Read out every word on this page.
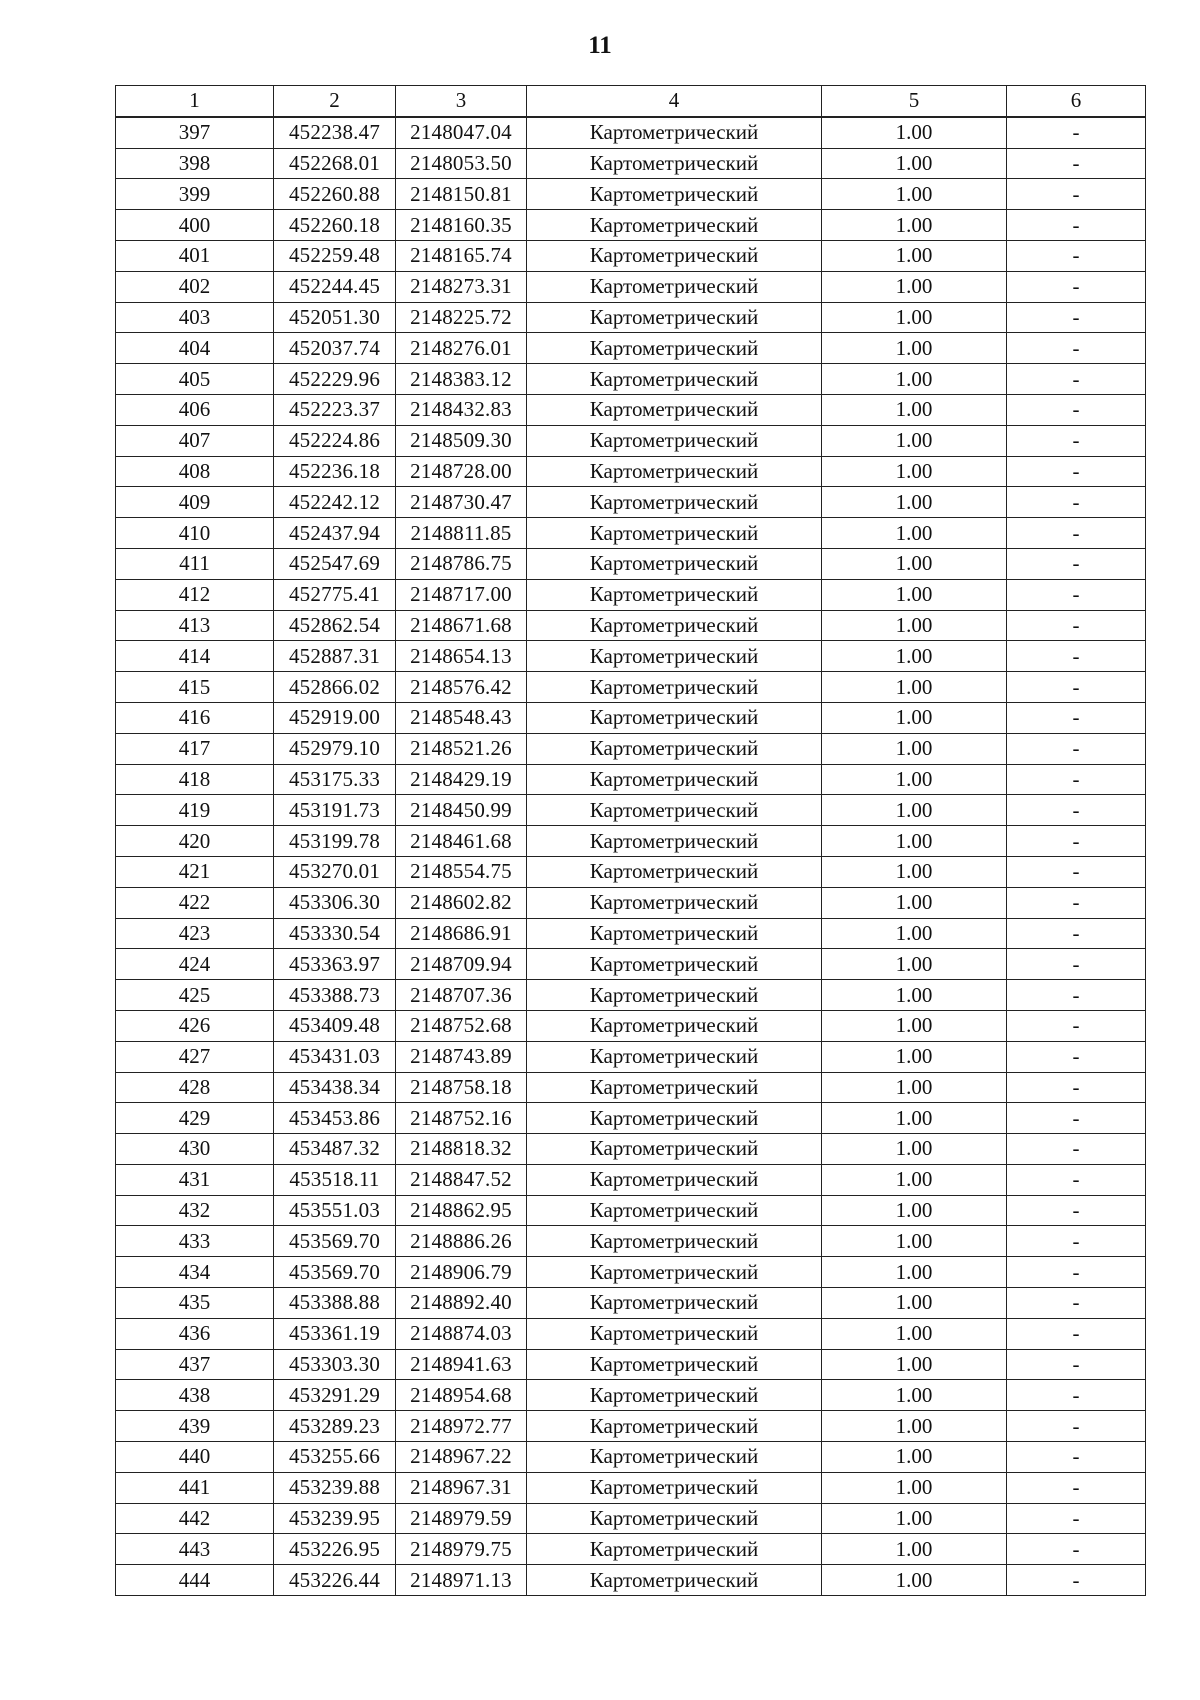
11
1	2	3	4	5	6
397	452238.47	2148047.04	Картометрический	1.00	-
398	452268.01	2148053.50	Картометрический	1.00	-
399	452260.88	2148150.81	Картометрический	1.00	-
400	452260.18	2148160.35	Картометрический	1.00	-
401	452259.48	2148165.74	Картометрический	1.00	-
402	452244.45	2148273.31	Картометрический	1.00	-
403	452051.30	2148225.72	Картометрический	1.00	-
404	452037.74	2148276.01	Картометрический	1.00	-
405	452229.96	2148383.12	Картометрический	1.00	-
406	452223.37	2148432.83	Картометрический	1.00	-
407	452224.86	2148509.30	Картометрический	1.00	-
408	452236.18	2148728.00	Картометрический	1.00	-
409	452242.12	2148730.47	Картометрический	1.00	-
410	452437.94	2148811.85	Картометрический	1.00	-
411	452547.69	2148786.75	Картометрический	1.00	-
412	452775.41	2148717.00	Картометрический	1.00	-
413	452862.54	2148671.68	Картометрический	1.00	-
414	452887.31	2148654.13	Картометрический	1.00	-
415	452866.02	2148576.42	Картометрический	1.00	-
416	452919.00	2148548.43	Картометрический	1.00	-
417	452979.10	2148521.26	Картометрический	1.00	-
418	453175.33	2148429.19	Картометрический	1.00	-
419	453191.73	2148450.99	Картометрический	1.00	-
420	453199.78	2148461.68	Картометрический	1.00	-
421	453270.01	2148554.75	Картометрический	1.00	-
422	453306.30	2148602.82	Картометрический	1.00	-
423	453330.54	2148686.91	Картометрический	1.00	-
424	453363.97	2148709.94	Картометрический	1.00	-
425	453388.73	2148707.36	Картометрический	1.00	-
426	453409.48	2148752.68	Картометрический	1.00	-
427	453431.03	2148743.89	Картометрический	1.00	-
428	453438.34	2148758.18	Картометрический	1.00	-
429	453453.86	2148752.16	Картометрический	1.00	-
430	453487.32	2148818.32	Картометрический	1.00	-
431	453518.11	2148847.52	Картометрический	1.00	-
432	453551.03	2148862.95	Картометрический	1.00	-
433	453569.70	2148886.26	Картометрический	1.00	-
434	453569.70	2148906.79	Картометрический	1.00	-
435	453388.88	2148892.40	Картометрический	1.00	-
436	453361.19	2148874.03	Картометрический	1.00	-
437	453303.30	2148941.63	Картометрический	1.00	-
438	453291.29	2148954.68	Картометрический	1.00	-
439	453289.23	2148972.77	Картометрический	1.00	-
440	453255.66	2148967.22	Картометрический	1.00	-
441	453239.88	2148967.31	Картометрический	1.00	-
442	453239.95	2148979.59	Картометрический	1.00	-
443	453226.95	2148979.75	Картометрический	1.00	-
444	453226.44	2148971.13	Картометрический	1.00	-
